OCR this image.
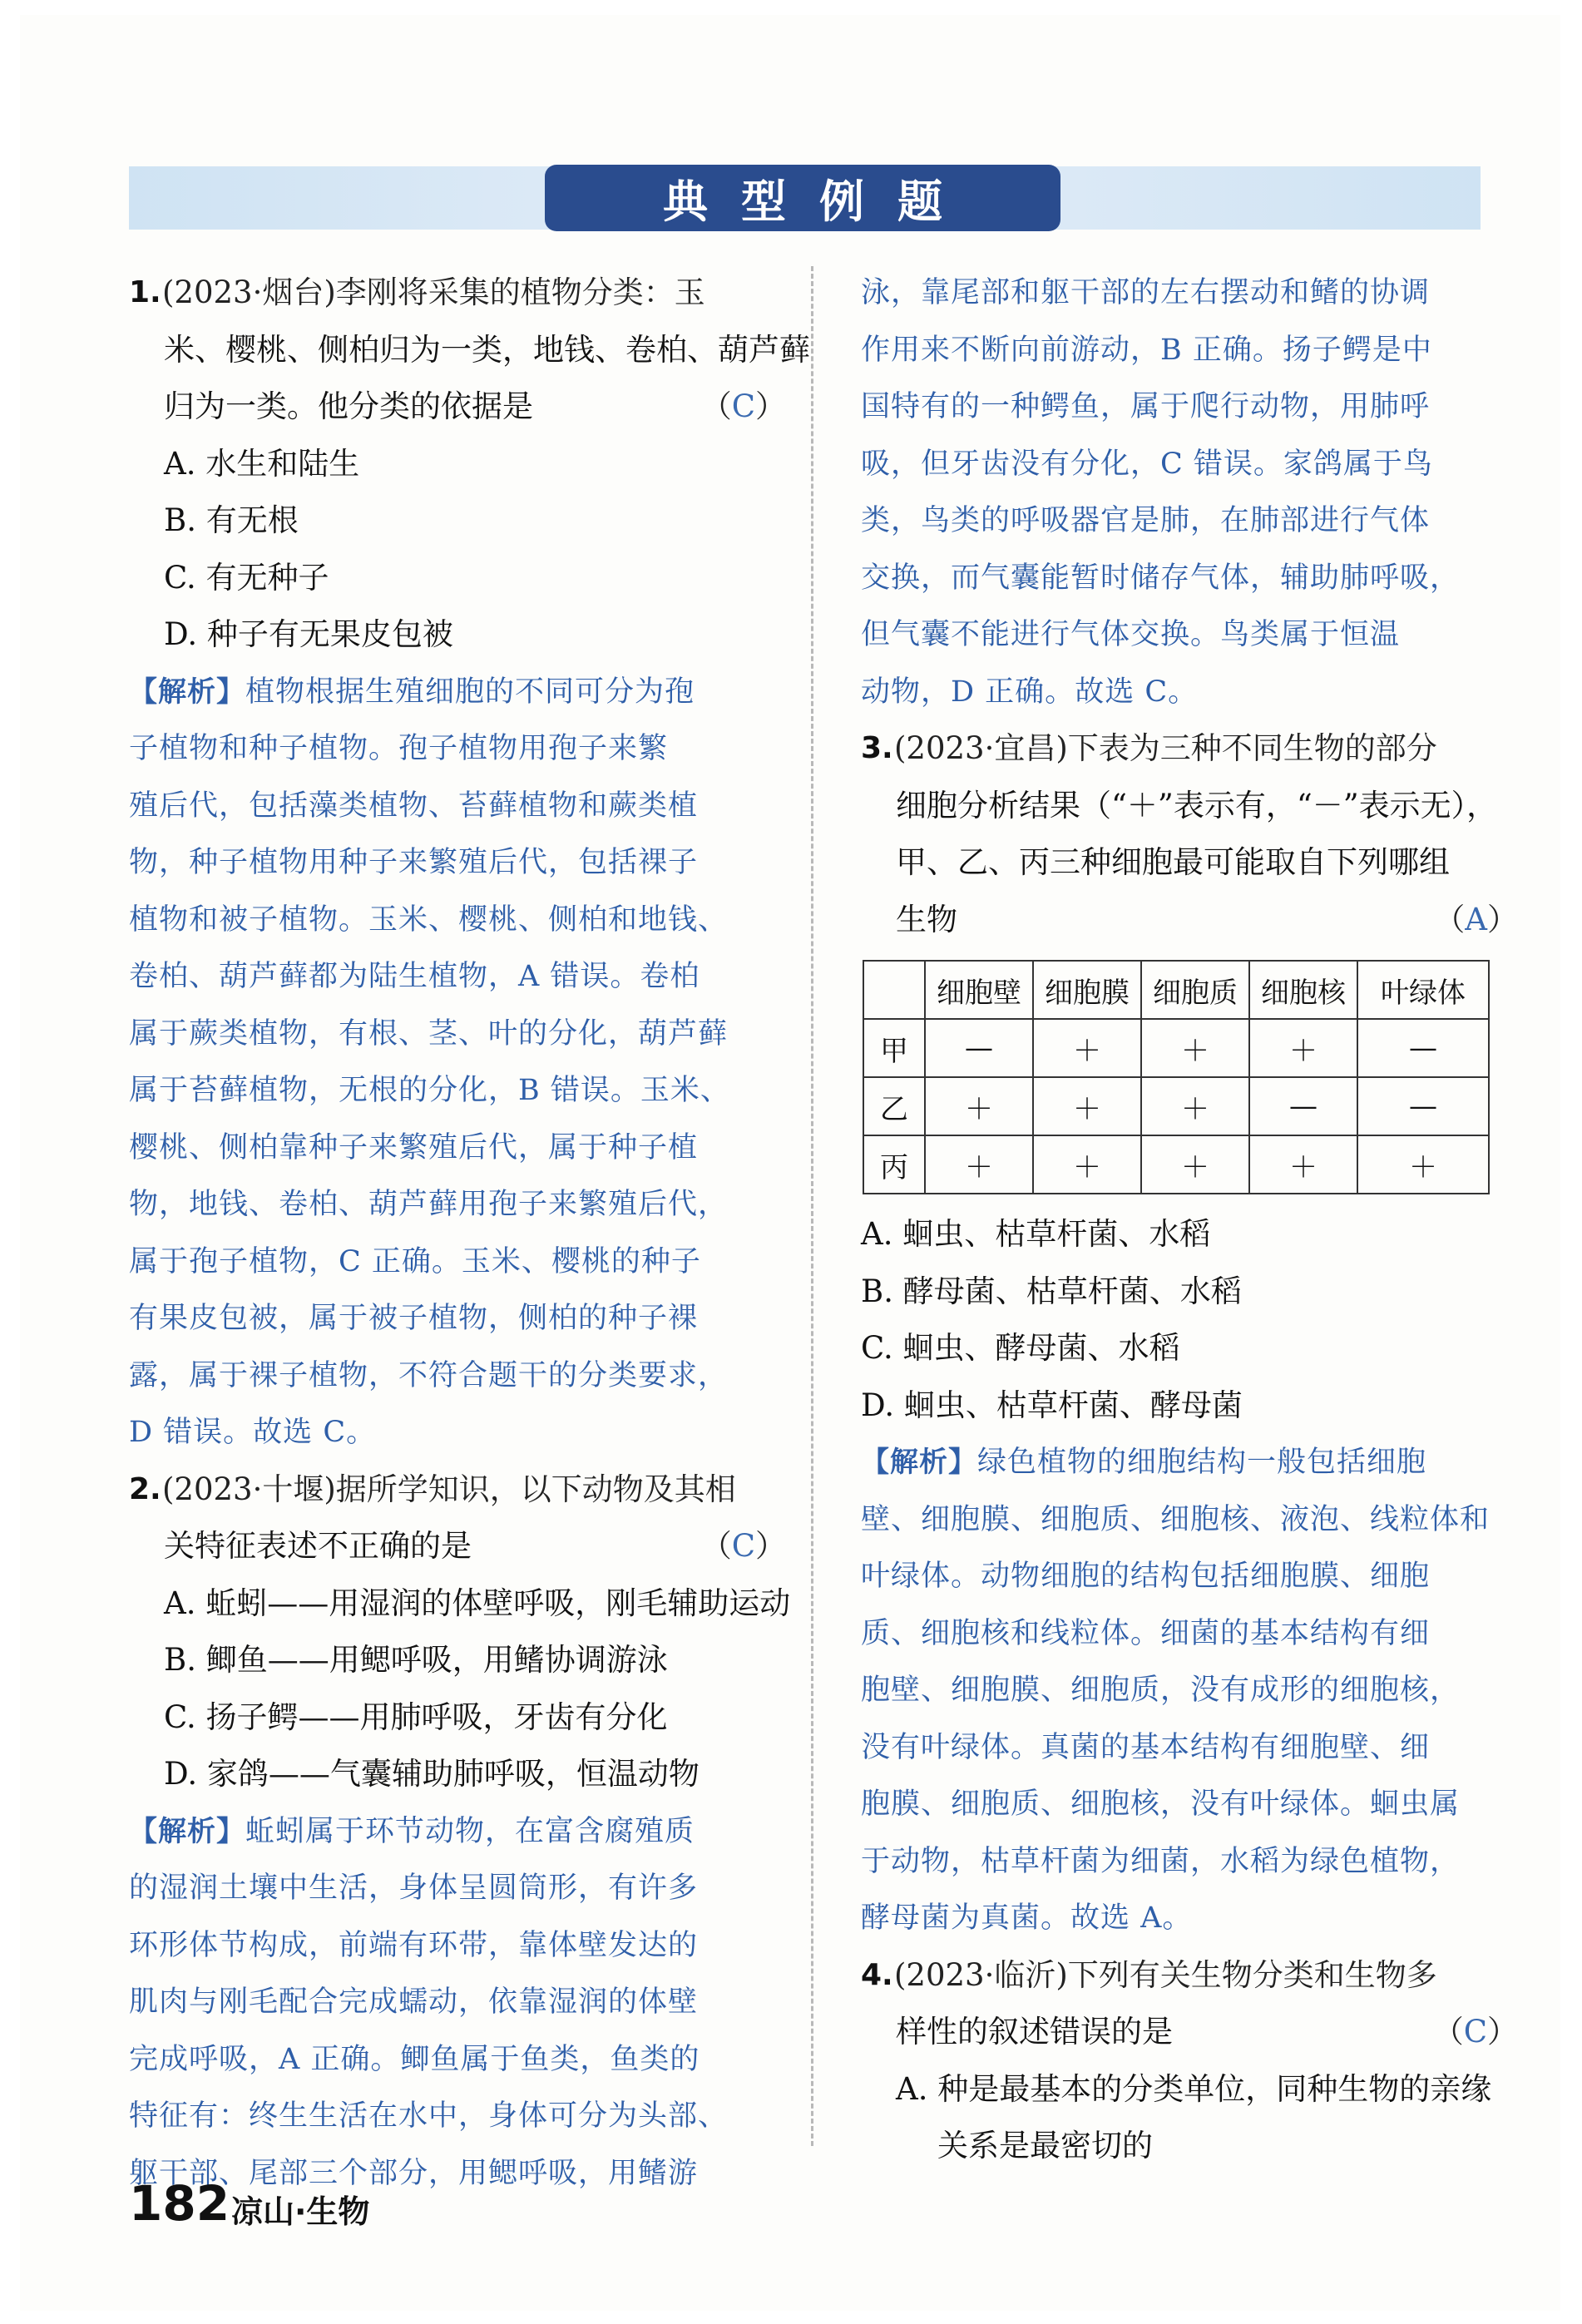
典型例题
1. (2023·烟台)李刚将采集的植物分类：玉
米、樱桃、侧柏归为一类，地钱、卷柏、葫芦藓
归为一类。他分类的依据是	（C）
A. 水生和陆生
B. 有无根
C. 有无种子
D. 种子有无果皮包被
【解析】植物根据生殖细胞的不同可分为孢
子植物和种子植物。孢子植物用孢子来繁
殖后代，包括藻类植物、苔藓植物和蕨类植
物，种子植物用种子来繁殖后代，包括裸子
植物和被子植物。玉米、樱桃、侧柏和地钱、
卷柏、葫芦藓都为陆生植物，A 错误。卷柏
属于蕨类植物，有根、茎、叶的分化，葫芦藓
属于苔藓植物，无根的分化，B 错误。玉米、
樱桃、侧柏靠种子来繁殖后代，属于种子植
物，地钱、卷柏、葫芦藓用孢子来繁殖后代，
属于孢子植物，C 正确。玉米、樱桃的种子
有果皮包被，属于被子植物，侧柏的种子裸
露，属于裸子植物，不符合题干的分类要求，
D 错误。故选 C。
2. (2023·十堰)据所学知识，以下动物及其相
关特征表述不正确的是	（C）
A. 蚯蚓——用湿润的体壁呼吸，刚毛辅助运动
B. 鲫鱼——用鳃呼吸，用鳍协调游泳
C. 扬子鳄——用肺呼吸，牙齿有分化
D. 家鸽——气囊辅助肺呼吸，恒温动物
【解析】蚯蚓属于环节动物，在富含腐殖质
的湿润土壤中生活，身体呈圆筒形，有许多
环形体节构成，前端有环带，靠体壁发达的
肌肉与刚毛配合完成蠕动，依靠湿润的体壁
完成呼吸，A 正确。鲫鱼属于鱼类，鱼类的
特征有：终生生活在水中，身体可分为头部、
躯干部、尾部三个部分，用鳃呼吸，用鳍游
泳，靠尾部和躯干部的左右摆动和鳍的协调
作用来不断向前游动，B 正确。扬子鳄是中
国特有的一种鳄鱼，属于爬行动物，用肺呼
吸，但牙齿没有分化，C 错误。家鸽属于鸟
类，鸟类的呼吸器官是肺，在肺部进行气体
交换，而气囊能暂时储存气体，辅助肺呼吸，
但气囊不能进行气体交换。鸟类属于恒温
动物，D 正确。故选 C。
3. (2023·宜昌)下表为三种不同生物的部分
细胞分析结果（“＋”表示有，“－”表示无），
甲、乙、丙三种细胞最可能取自下列哪组
生物	（A）
	细胞壁	细胞膜	细胞质	细胞核	叶绿体
甲	—	＋	＋	＋	—
乙	＋	＋	＋	—	—
丙	＋	＋	＋	＋	＋
A. 蛔虫、枯草杆菌、水稻
B. 酵母菌、枯草杆菌、水稻
C. 蛔虫、酵母菌、水稻
D. 蛔虫、枯草杆菌、酵母菌
【解析】绿色植物的细胞结构一般包括细胞
壁、细胞膜、细胞质、细胞核、液泡、线粒体和
叶绿体。动物细胞的结构包括细胞膜、细胞
质、细胞核和线粒体。细菌的基本结构有细
胞壁、细胞膜、细胞质，没有成形的细胞核，
没有叶绿体。真菌的基本结构有细胞壁、细
胞膜、细胞质、细胞核，没有叶绿体。蛔虫属
于动物，枯草杆菌为细菌，水稻为绿色植物，
酵母菌为真菌。故选 A。
4. (2023·临沂)下列有关生物分类和生物多
样性的叙述错误的是	（C）
A. 种是最基本的分类单位，同种生物的亲缘
关系是最密切的
182 凉山·生物
